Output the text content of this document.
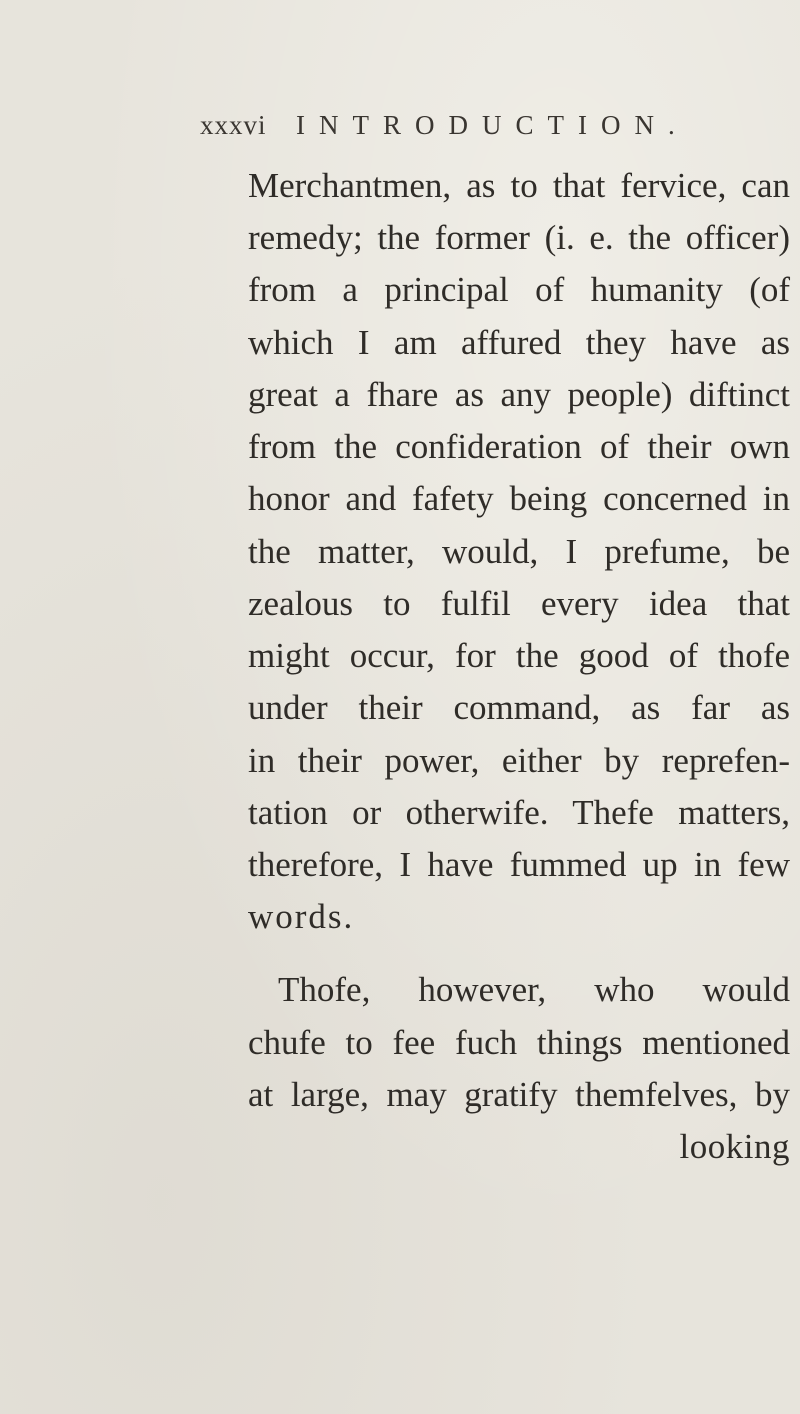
xxxvi INTRODUCTION.
Merchantmen, as to that fervice, can
remedy; the former (i. e. the officer)
from a principal of humanity (of
which I am affured they have as
great a fhare as any people) diftinct
from the confideration of their own
honor and fafety being concerned in
the matter, would, I prefume, be
zealous to fulfil every idea that
might occur, for the good of thofe
under their command, as far as
in their power, either by reprefen-
tation or otherwife. Thefe matters,
therefore, I have fummed up in few
words.
Thofe, however, who would
chufe to fee fuch things mentioned
at large, may gratify themfelves, by
looking
